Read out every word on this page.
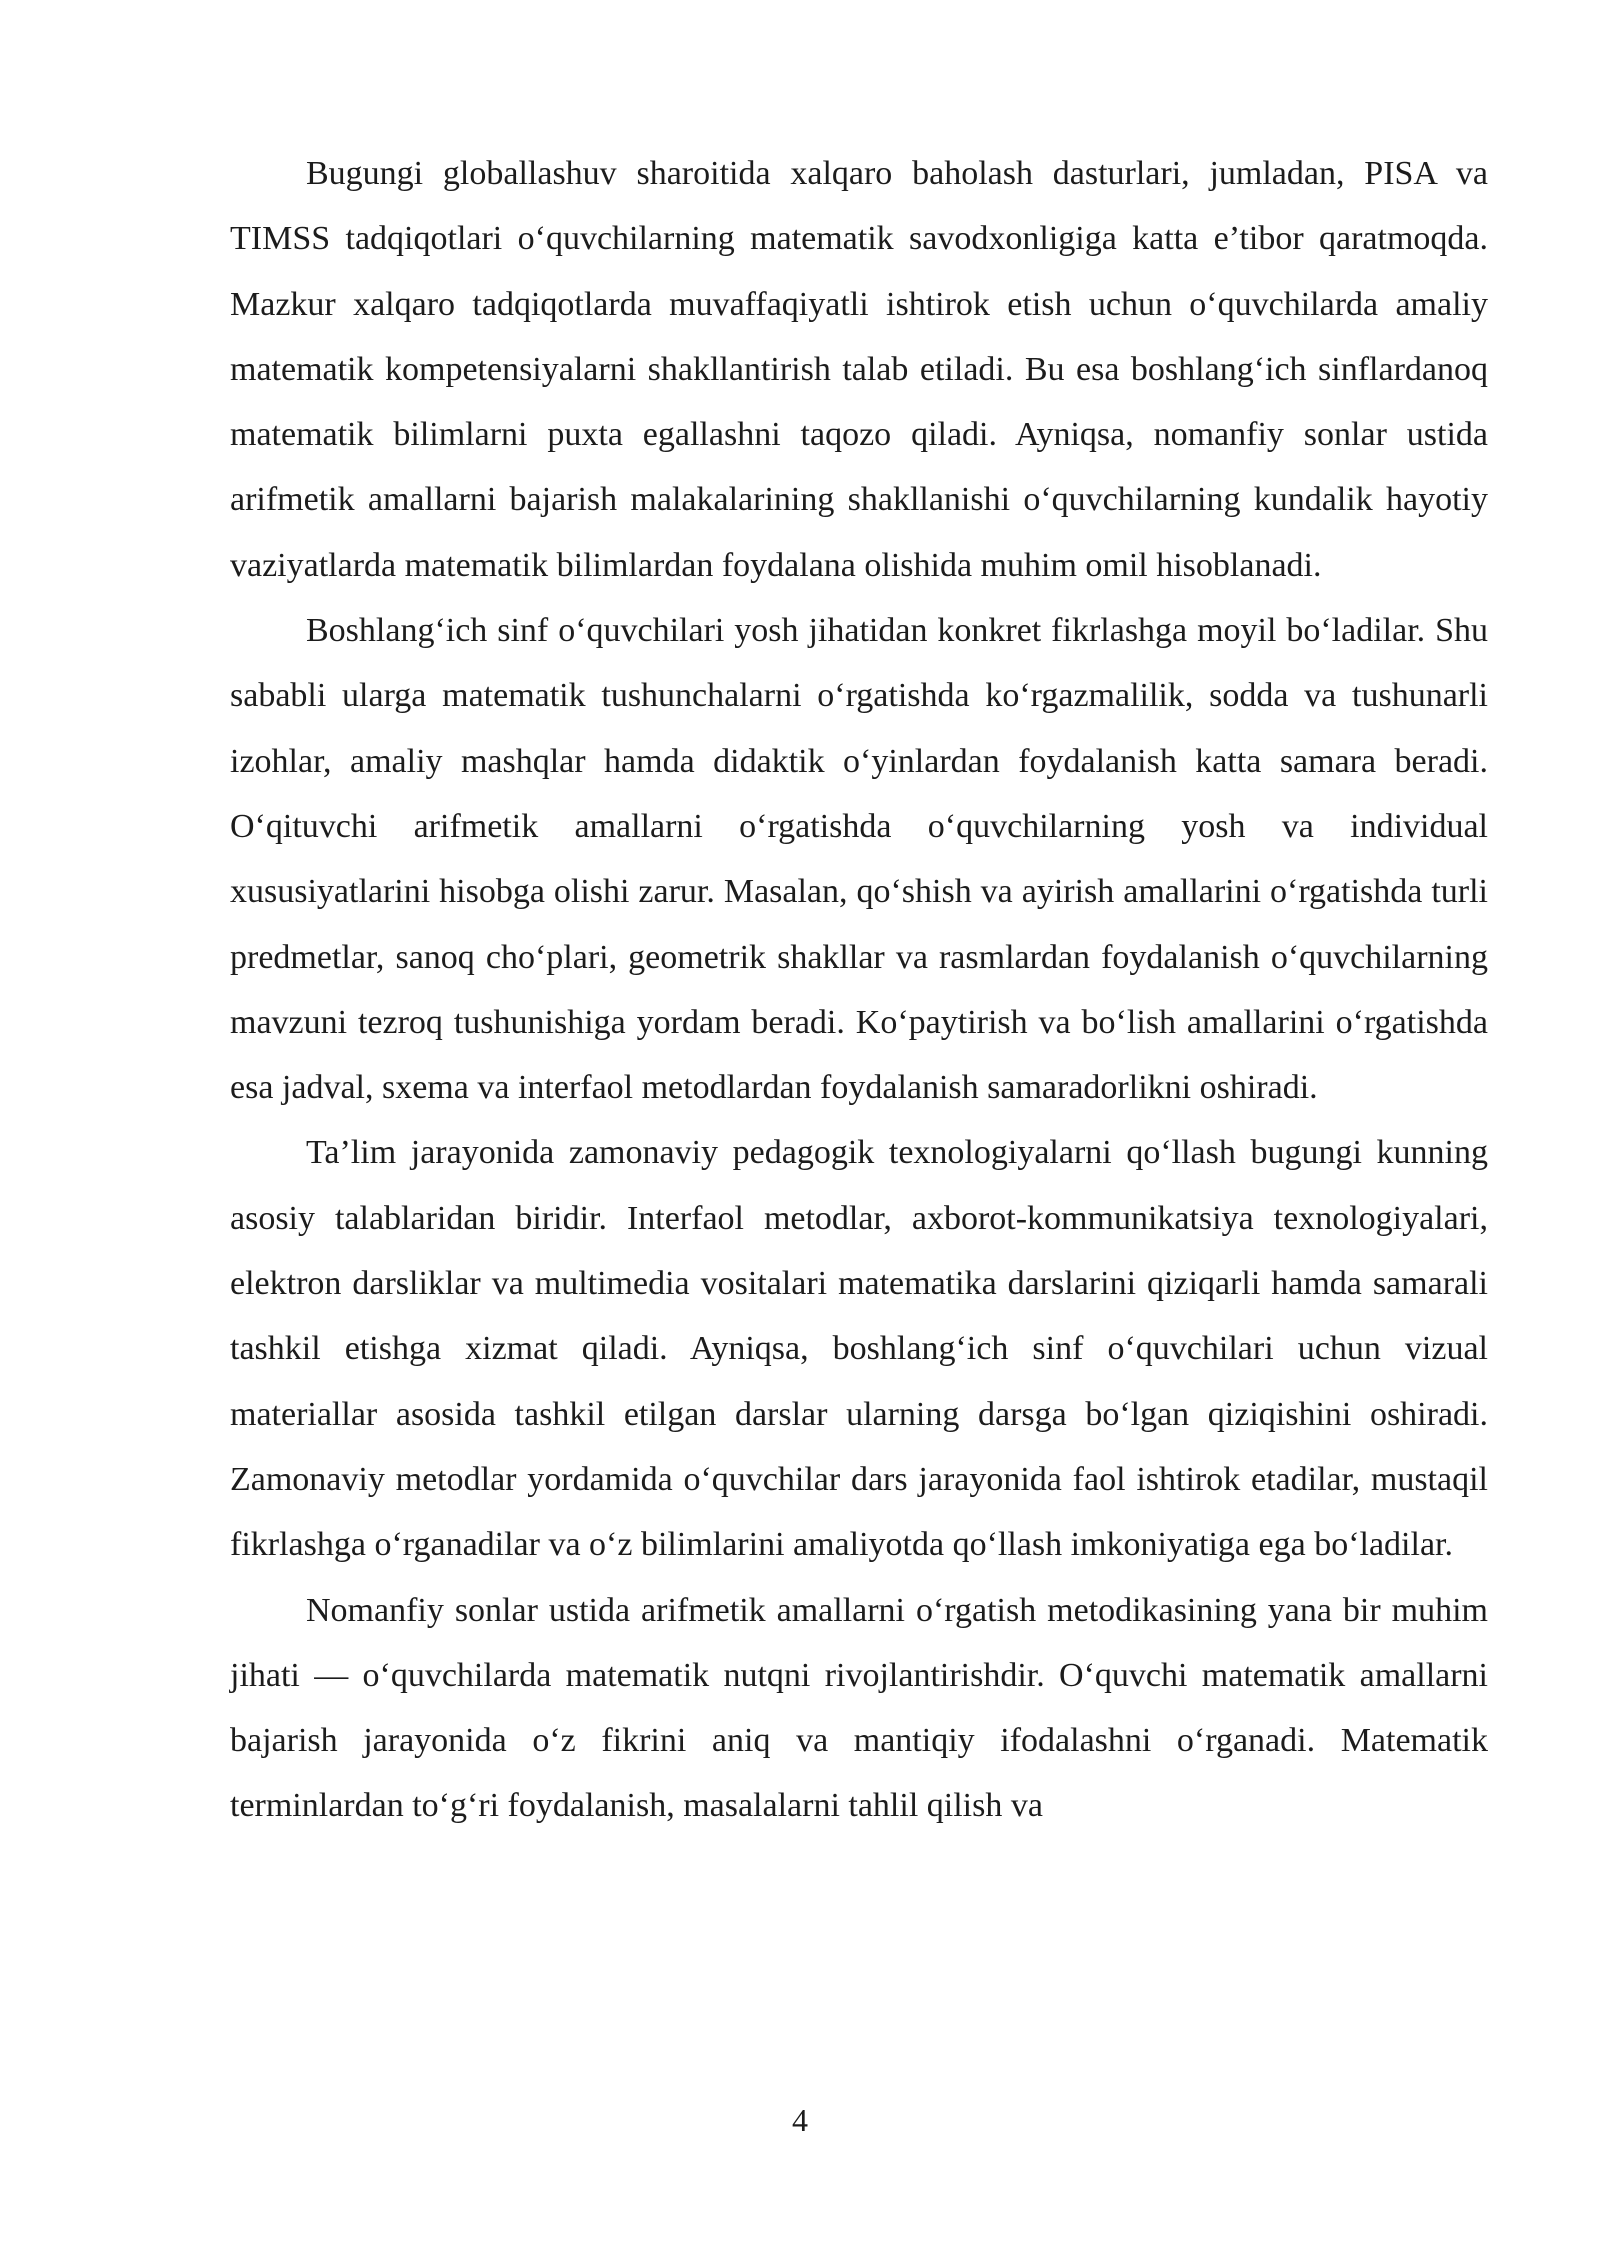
Bugungi globallashuv sharoitida xalqaro baholash dasturlari, jumladan, PISA va TIMSS tadqiqotlari o‘quvchilarning matematik savodxonligiga katta e’tibor qaratmoqda. Mazkur xalqaro tadqiqotlarda muvaffaqiyatli ishtirok etish uchun o‘quvchilarda amaliy matematik kompetensiyalarni shakllantirish talab etiladi. Bu esa boshlang‘ich sinflardanoq matematik bilimlarni puxta egallashni taqozo qiladi. Ayniqsa, nomanfiy sonlar ustida arifmetik amallarni bajarish malakalarining shakllanishi o‘quvchilarning kundalik hayotiy vaziyatlarda matematik bilimlardan foydalana olishida muhim omil hisoblanadi.

Boshlang‘ich sinf o‘quvchilari yosh jihatidan konkret fikrlashga moyil bo‘ladilar. Shu sababli ularga matematik tushunchalarni o‘rgatishda ko‘rgazmalilik, sodda va tushunarli izohlar, amaliy mashqlar hamda didaktik o‘yinlardan foydalanish katta samara beradi. O‘qituvchi arifmetik amallarni o‘rgatishda o‘quvchilarning yosh va individual xususiyatlarini hisobga olishi zarur. Masalan, qo‘shish va ayirish amallarini o‘rgatishda turli predmetlar, sanoq cho‘plari, geometrik shakllar va rasmlardan foydalanish o‘quvchilarning mavzuni tezroq tushunishiga yordam beradi. Ko‘paytirish va bo‘lish amallarini o‘rgatishda esa jadval, sxema va interfaol metodlardan foydalanish samaradorlikni oshiradi.

Ta’lim jarayonida zamonaviy pedagogik texnologiyalarni qo‘llash bugungi kunning asosiy talablaridan biridir. Interfaol metodlar, axborot-kommunikatsiya texnologiyalari, elektron darsliklar va multimedia vositalari matematika darslarini qiziqarli hamda samarali tashkil etishga xizmat qiladi. Ayniqsa, boshlang‘ich sinf o‘quvchilari uchun vizual materiallar asosida tashkil etilgan darslar ularning darsga bo‘lgan qiziqishini oshiradi. Zamonaviy metodlar yordamida o‘quvchilar dars jarayonida faol ishtirok etadilar, mustaqil fikrlashga o‘rganadilar va o‘z bilimlarini amaliyotda qo‘llash imkoniyatiga ega bo‘ladilar.

Nomanfiy sonlar ustida arifmetik amallarni o‘rgatish metodikasining yana bir muhim jihati — o‘quvchilarda matematik nutqni rivojlantirishdir. O‘quvchi matematik amallarni bajarish jarayonida o‘z fikrini aniq va mantiqiy ifodalashni o‘rganadi. Matematik terminlardan to‘g‘ri foydalanish, masalalarni tahlil qilish va

4
